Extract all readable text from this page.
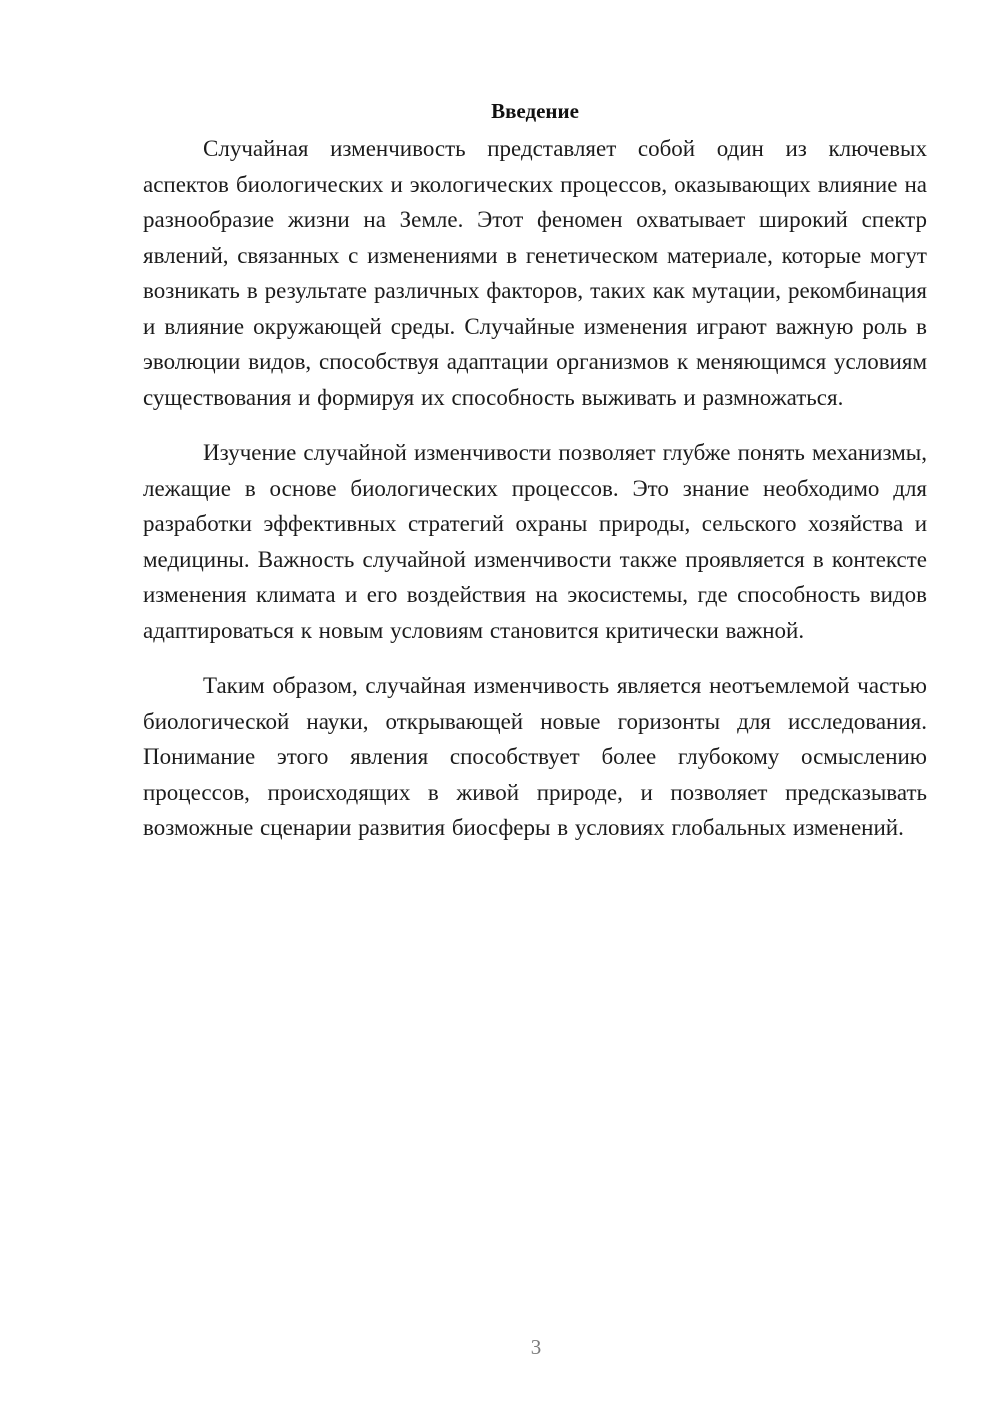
Введение

Случайная изменчивость представляет собой один из ключевых аспектов биологических и экологических процессов, оказывающих влияние на разнообразие жизни на Земле. Этот феномен охватывает широкий спектр явлений, связанных с изменениями в генетическом материале, которые могут возникать в результате различных факторов, таких как мутации, рекомбинация и влияние окружающей среды. Случайные изменения играют важную роль в эволюции видов, способствуя адаптации организмов к меняющимся условиям существования и формируя их способность выживать и размножаться.

Изучение случайной изменчивости позволяет глубже понять механизмы, лежащие в основе биологических процессов. Это знание необходимо для разработки эффективных стратегий охраны природы, сельского хозяйства и медицины. Важность случайной изменчивости также проявляется в контексте изменения климата и его воздействия на экосистемы, где способность видов адаптироваться к новым условиям становится критически важной.

Таким образом, случайная изменчивость является неотъемлемой частью биологической науки, открывающей новые горизонты для исследования. Понимание этого явления способствует более глубокому осмыслению процессов, происходящих в живой природе, и позволяет предсказывать возможные сценарии развития биосферы в условиях глобальных изменений.

3
